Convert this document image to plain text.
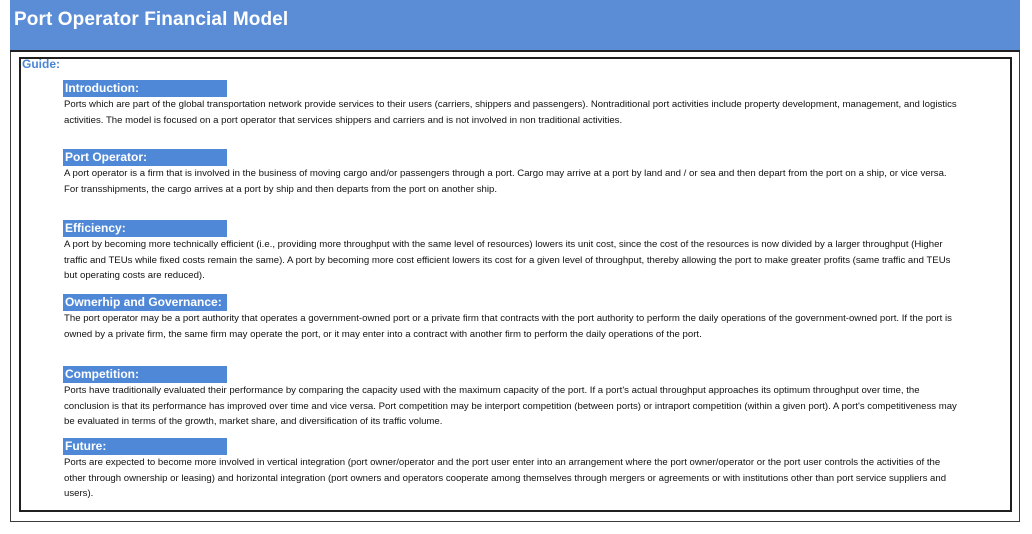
Port Operator Financial Model
Guide:
Introduction:
Ports which are part of the global transportation network provide services to their users (carriers, shippers and passengers). Nontraditional port activities include property development, management, and logistics activities. The model is focused on a port operator that services shippers and carriers and is not involved in non traditional activities.
Port Operator:
A port operator is a firm that is involved in the business of moving cargo and/or passengers through a port. Cargo may arrive at a port by land and / or sea and then depart from the port on a ship, or vice versa. For transshipments, the cargo arrives at a port by ship and then departs from the port on another ship.
Efficiency:
A port by becoming more technically efficient (i.e., providing more throughput with the same level of resources) lowers its unit cost, since the cost of the resources is now divided by a larger throughput (Higher traffic and TEUs while fixed costs remain the same). A port by becoming more cost efficient lowers its cost for a given level of throughput, thereby allowing the port to make greater profits (same traffic and TEUs but operating costs are reduced).
Ownerhip and Governance:
The port operator may be a port authority that operates a government-owned port or a private firm that contracts with the port authority to perform the daily operations of the government-owned port. If the port is owned by a private firm, the same firm may operate the port, or it may enter into a contract with another firm to perform the daily operations of the port.
Competition:
Ports have traditionally evaluated their performance by comparing the capacity used with the maximum capacity of the port. If a port's actual throughput approaches its optimum throughput over time, the conclusion is that its performance has improved over time and vice versa. Port competition may be interport competition (between ports) or intraport competition (within a given port). A port's competitiveness may be evaluated in terms of the growth, market share, and diversification of its traffic volume.
Future:
Ports are expected to become more involved in vertical integration (port owner/operator and the port user enter into an arrangement where the port owner/operator or the port user controls the activities of the other through ownership or leasing) and horizontal integration (port owners and operators cooperate among themselves through mergers or agreements or with institutions other than port service suppliers and users).
